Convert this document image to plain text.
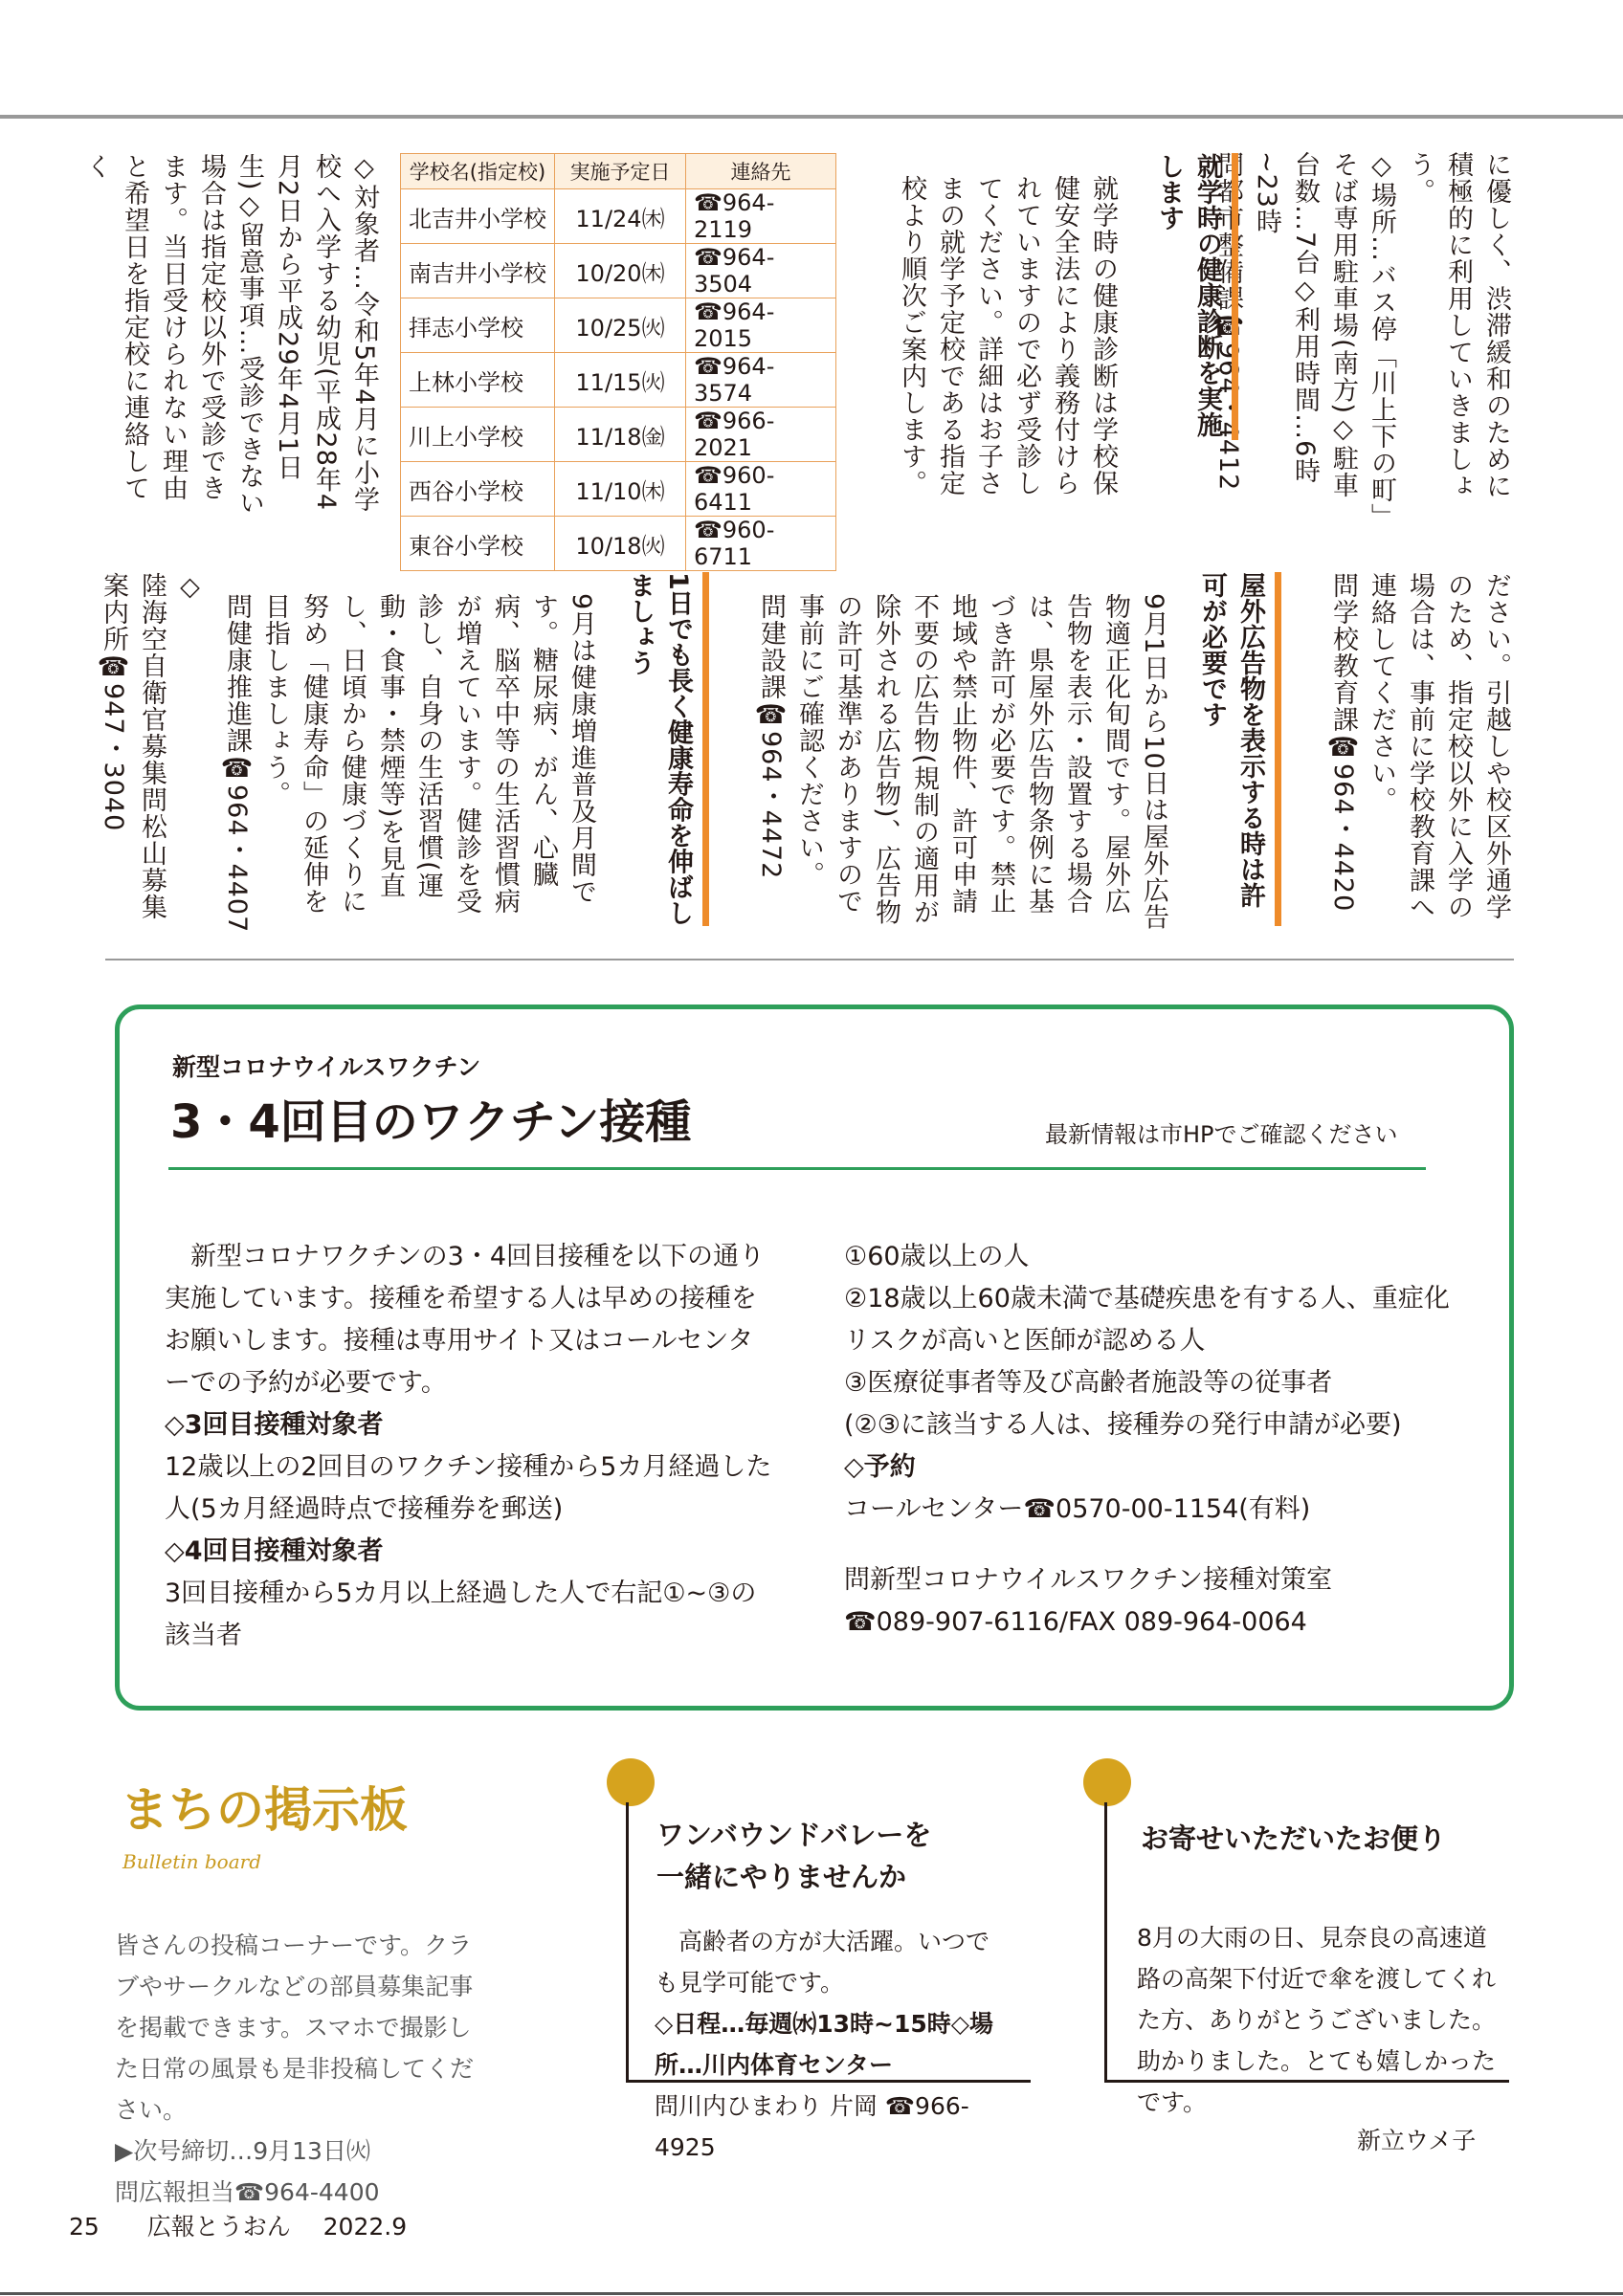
に優しく、渋滞緩和のために積極的に利用していきましょう。
◇場所…バス停「川上下の町」そば専用駐車場(南方)◇駐車台数…7台◇利用時間…6時~23時
問都市整備課☎964・4412
就学時の健康診断を実施します
就学時の健康診断は学校保健安全法により義務付けられていますので必ず受診してください。詳細はお子さまの就学予定校である指定校より順次ご案内します。
学校名(指定校)	実施予定日	連絡先
北吉井小学校	11/24㈭	☎964-2119
南吉井小学校	10/20㈭	☎964-3504
拝志小学校	10/25㈫	☎964-2015
上林小学校	11/15㈫	☎964-3574
川上小学校	11/18㈮	☎966-2021
西谷小学校	11/10㈭	☎960-6411
東谷小学校	10/18㈫	☎960-6711
◇対象者…令和5年4月に小学校へ入学する幼児(平成28年4月2日から平成29年4月1日生)◇留意事項…受診できない場合は指定校以外で受診できます。当日受けられない理由と希望日を指定校に連絡してく
ださい。引越しや校区外通学のため、指定校以外に入学の場合は、事前に学校教育課へ連絡してください。
問学校教育課☎964・4420
屋外広告物を表示する時は許可が必要です
9月1日から10日は屋外広告物適正化旬間です。屋外広告物を表示・設置する場合は、県屋外広告物条例に基づき許可が必要です。禁止地域や禁止物件、許可申請不要の広告物(規制の適用が除外される広告物)、広告物の許可基準がありますので事前にご確認ください。
問建設課☎964・4472
1日でも長く健康寿命を伸ばしましょう
9月は健康増進普及月間です。糖尿病、がん、心臓病、脳卒中等の生活習慣病が増えています。健診を受診し、自身の生活習慣(運動・食事・禁煙等)を見直し、日頃から健康づくりに努め「健康寿命」の延伸を目指しましょう。
問健康推進課☎964・4407
◇
陸海空自衛官募集問松山募集案内所☎947・3040
新型コロナウイルスワクチン
3・4回目のワクチン接種	最新情報は市HPでご確認ください
新型コロナワクチンの3・4回目接種を以下の通り実施しています。接種を希望する人は早めの接種をお願いします。接種は専用サイト又はコールセンターでの予約が必要です。
◇3回目接種対象者
12歳以上の2回目のワクチン接種から5カ月経過した人(5カ月経過時点で接種券を郵送)
◇4回目接種対象者
3回目接種から5カ月以上経過した人で右記①~③の該当者
①60歳以上の人
②18歳以上60歳未満で基礎疾患を有する人、重症化リスクが高いと医師が認める人
③医療従事者等及び高齢者施設等の従事者
(②③に該当する人は、接種券の発行申請が必要)
◇予約
コールセンター☎0570-00-1154(有料)
問新型コロナウイルスワクチン接種対策室
☎089-907-6116/FAX 089-964-0064
まちの掲示板
Bulletin board
皆さんの投稿コーナーです。クラブやサークルなどの部員募集記事を掲載できます。スマホで撮影した日常の風景も是非投稿してください。
▶次号締切…9月13日㈫
問広報担当☎964-4400
ワンバウンドバレーを
一緒にやりませんか
高齢者の方が大活躍。いつでも見学可能です。
◇日程…毎週㈬13時~15時◇場所…川内体育センター
問川内ひまわり 片岡 ☎966-4925
お寄せいただいたお便り
8月の大雨の日、見奈良の高速道路の高架下付近で傘を渡してくれた方、ありがとうございました。助かりました。とても嬉しかったです。
新立ウメ子
25 広報とうおん 2022.9
